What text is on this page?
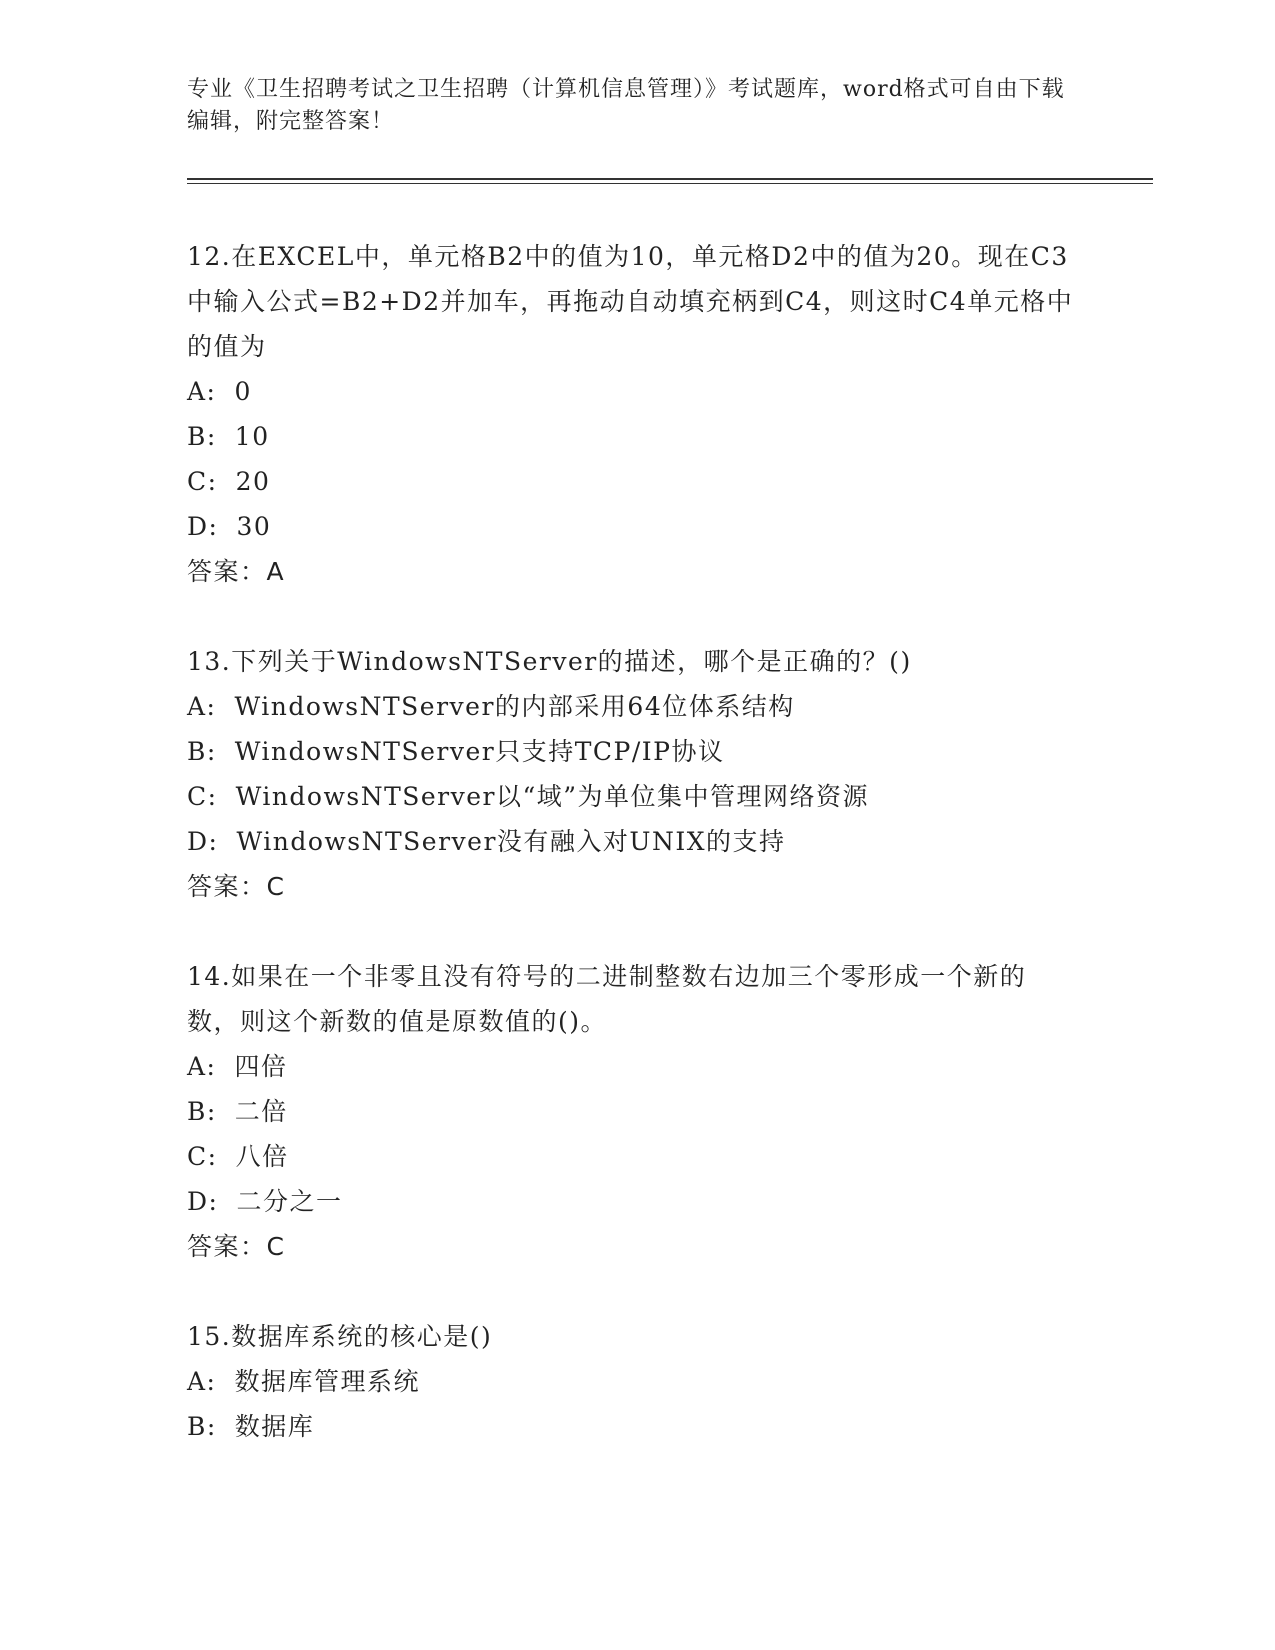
专业《卫生招聘考试之卫生招聘（计算机信息管理）》考试题库，word格式可自由下载编辑，附完整答案！
12.在EXCEL中，单元格B2中的值为10，单元格D2中的值为20。现在C3中输入公式=B2+D2并加车，再拖动自动填充柄到C4，则这时C4单元格中的值为
A: 0
B: 10
C: 20
D: 30
答案：A
13.下列关于WindowsNTServer的描述，哪个是正确的？()
A: WindowsNTServer的内部采用64位体系结构
B: WindowsNTServer只支持TCP/IP协议
C: WindowsNTServer以“域”为单位集中管理网络资源
D: WindowsNTServer没有融入对UNIX的支持
答案：C
14.如果在一个非零且没有符号的二进制整数右边加三个零形成一个新的数，则这个新数的值是原数值的()。
A: 四倍
B: 二倍
C: 八倍
D: 二分之一
答案：C
15.数据库系统的核心是()
A: 数据库管理系统
B: 数据库
